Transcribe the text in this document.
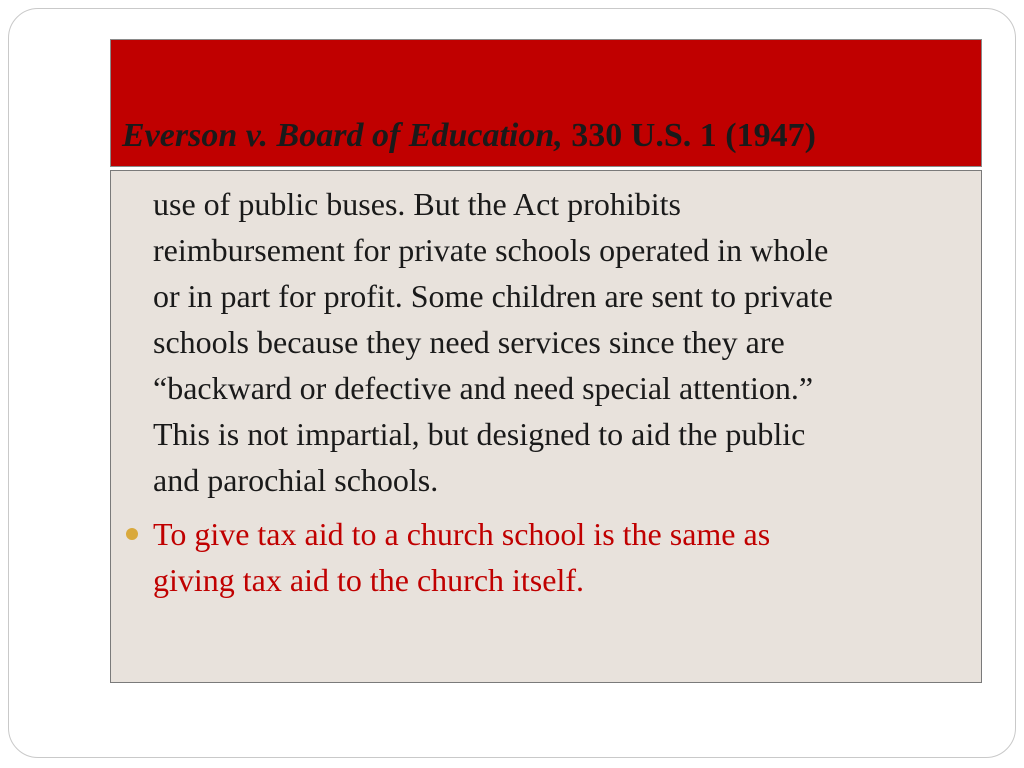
Everson v. Board of Education, 330 U.S. 1 (1947)

use of public buses. But the Act prohibits
reimbursement for private schools operated in whole
or in part for profit. Some children are sent to private
schools because they need services since they are
“backward or defective and need special attention.”
This is not impartial, but designed to aid the public
and parochial schools.

To give tax aid to a church school is the same as
giving tax aid to the church itself.
